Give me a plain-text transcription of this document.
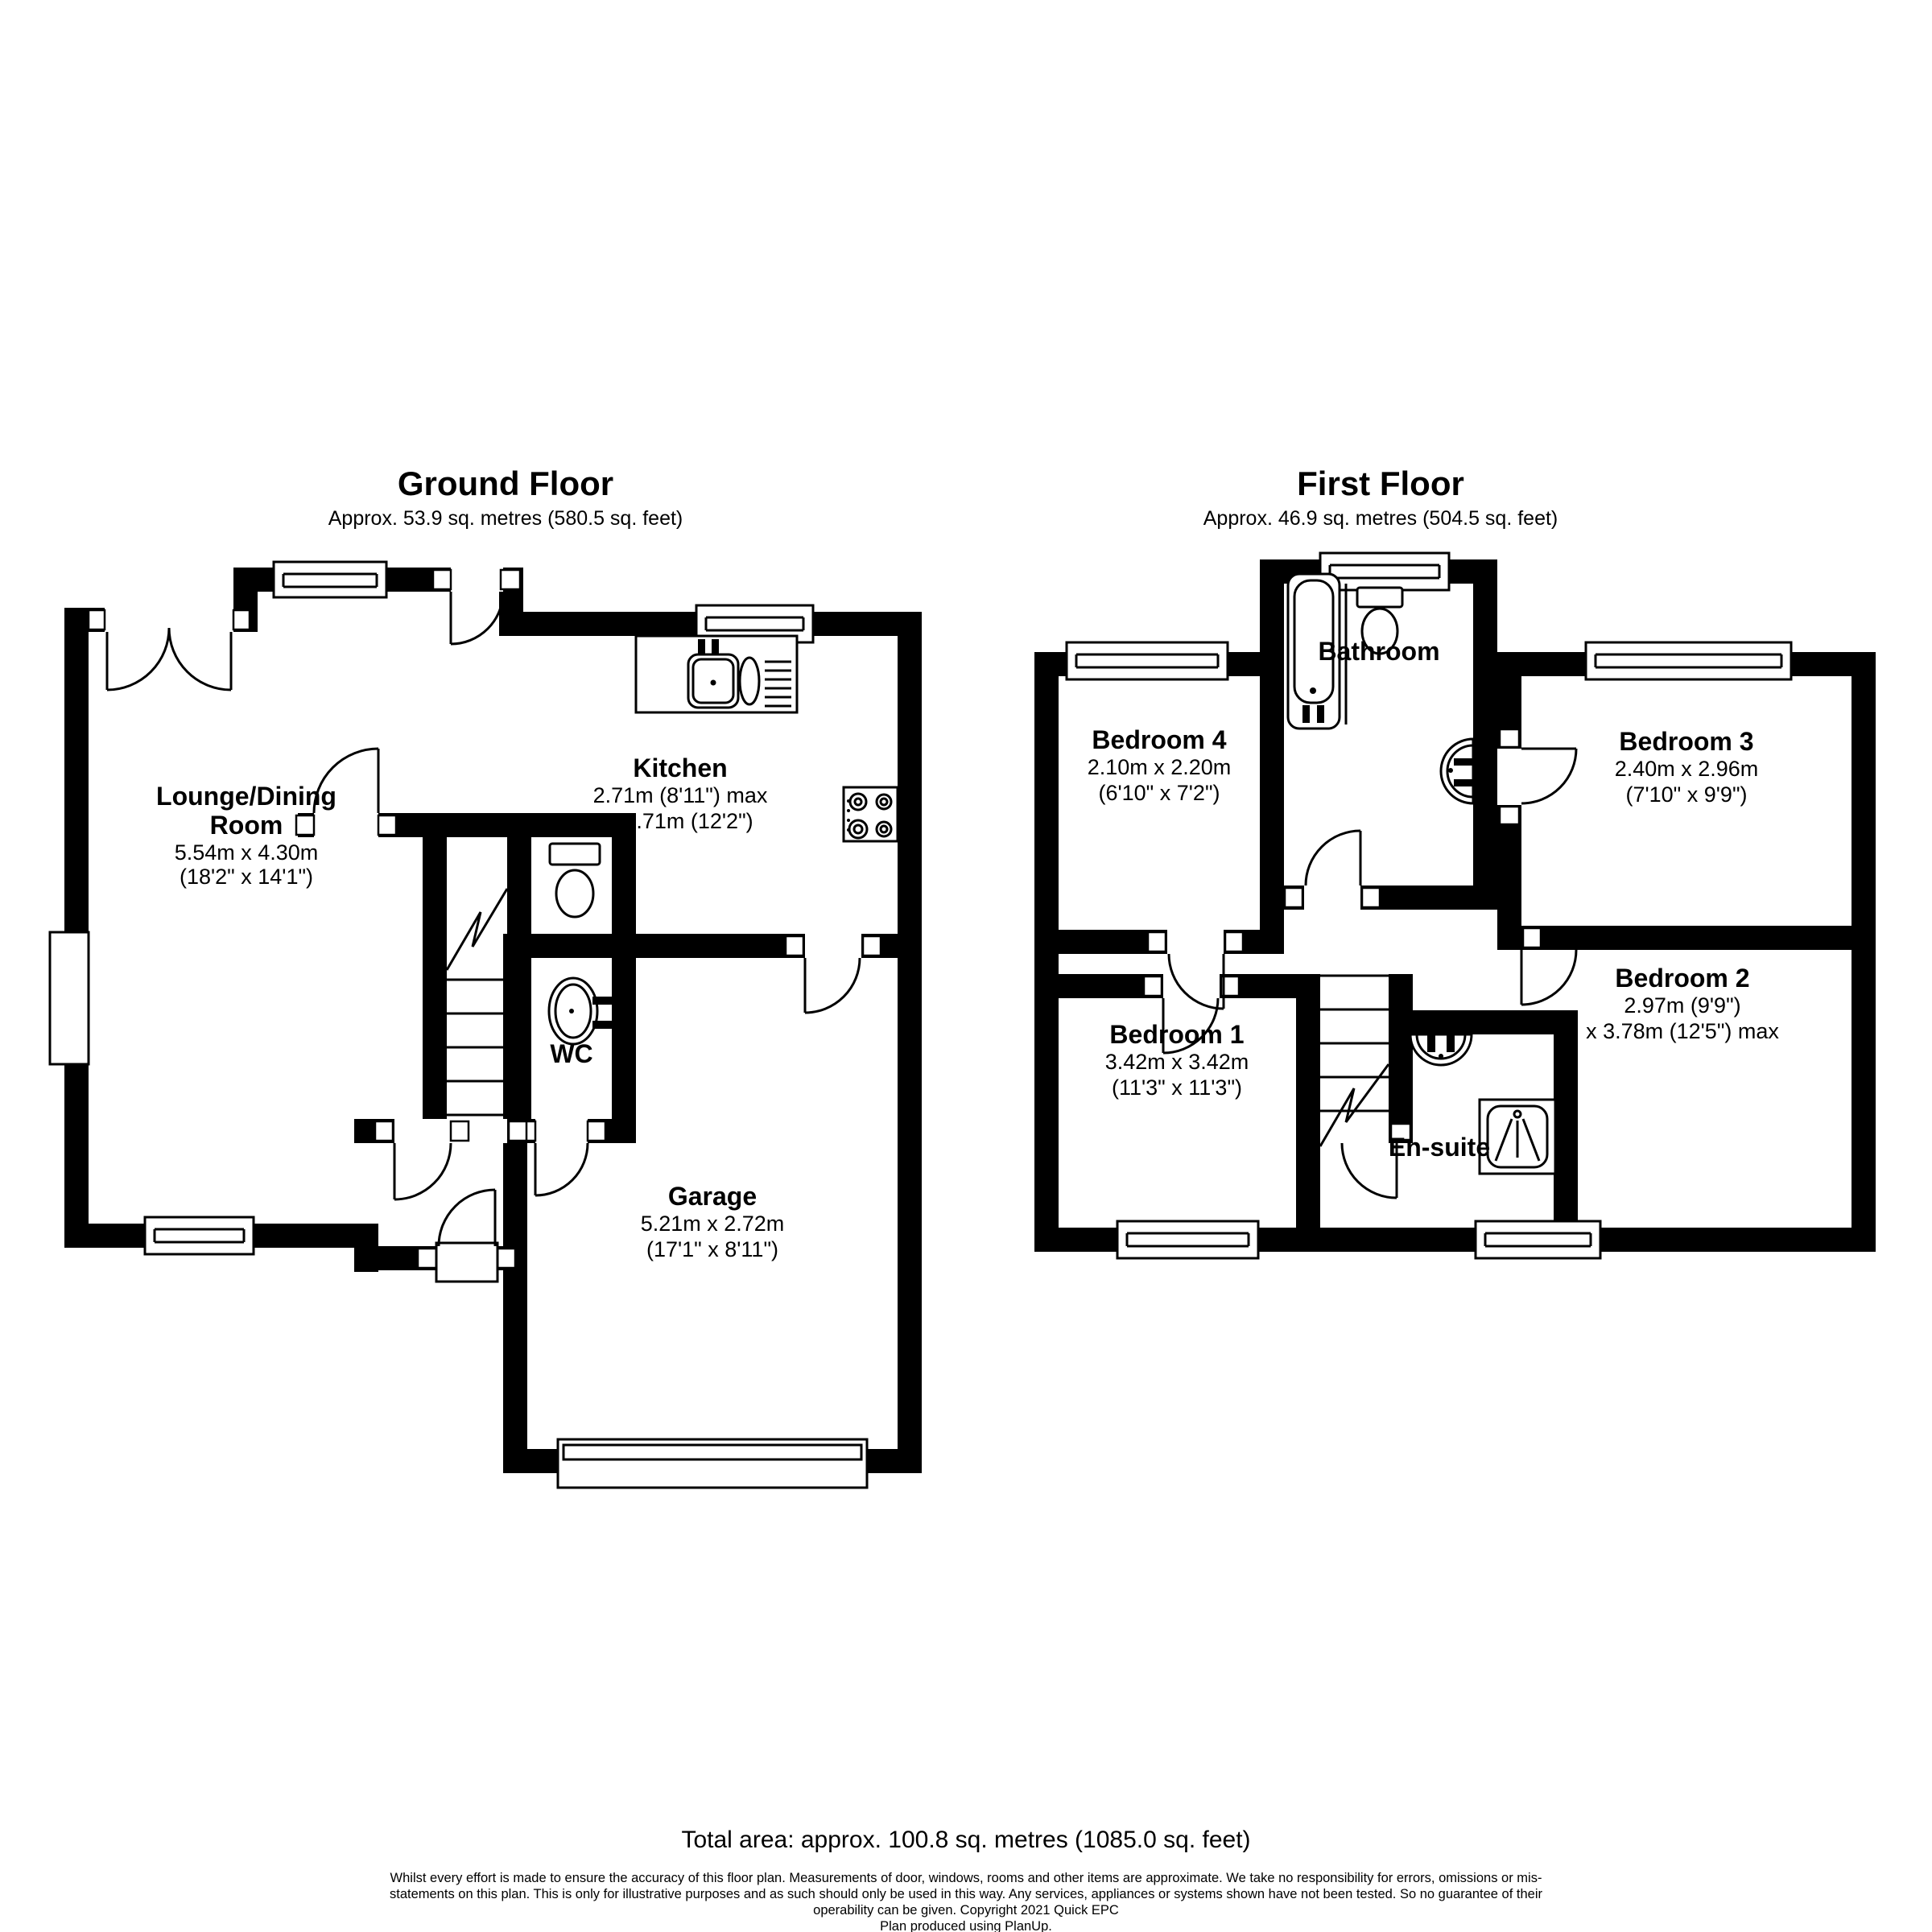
Ground Floor
Approx. 53.9 sq. metres (580.5 sq. feet)
Lounge/Dining
Room
5.54m x 4.30m
(18'2" x 14'1")
Kitchen
2.71m (8'11") max
x 3.71m (12'2")
WC
Garage
5.21m x 2.72m
(17'1" x 8'11")
First Floor
Approx. 46.9 sq. metres (504.5 sq. feet)
Bedroom 4
2.10m x 2.20m
(6'10" x 7'2")
Bathroom
Bedroom 3
2.40m x 2.96m
(7'10" x 9'9")
Bedroom 1
3.42m x 3.42m
(11'3" x 11'3")
Bedroom 2
2.97m (9'9")
x 3.78m (12'5") max
En-suite
Total area: approx. 100.8 sq. metres (1085.0 sq. feet)
Whilst every effort is made to ensure the accuracy of this floor plan. Measurements of door, windows, rooms and other items are approximate. We take no responsibility for errors, omissions or mis-
statements on this plan. This is only for illustrative purposes and as such should only be used in this way. Any services, appliances or systems shown have not been tested. So no guarantee of their
operability can be given. Copyright 2021 Quick EPC
Plan produced using PlanUp.
